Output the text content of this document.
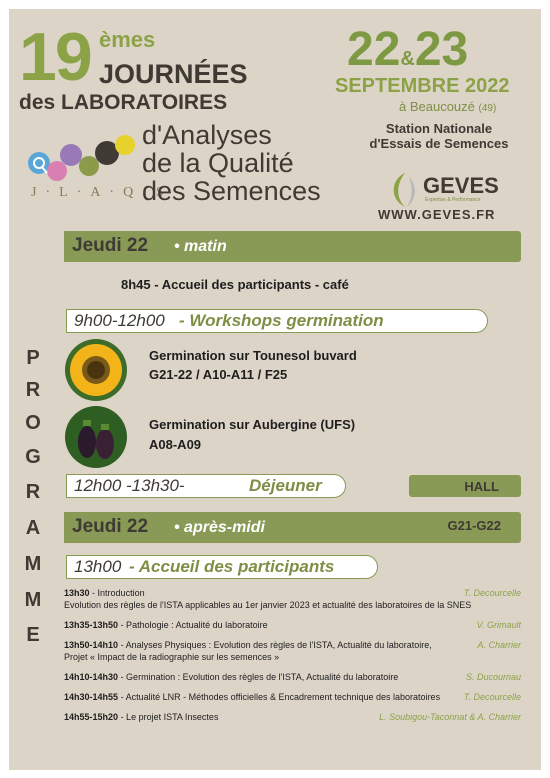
19 èmes
JOURNÉES
des LABORATOIRES
J·L·A·Q·S
d'Analyses
de la Qualité
des Semences
22&23
SEPTEMBRE 2022
à Beaucouzé (49)
Station Nationale
d'Essais de Semences
GEVES
Expertise & Performance
WWW.GEVES.FR
P
R
O
G
R
A
M
M
E
Jeudi 22 • matin
8h45 - Accueil des participants - café
9h00-12h00 - Workshops germination
Germination sur Tounesol buvard
G21-22 / A10-A11 / F25
Germination sur Aubergine (UFS)
A08-A09
12h00 -13h30-	Déjeuner	HALL
Jeudi 22 • après-midi	G21-G22
13h00 - Accueil des participants
13h30 - Introduction	T. Decourcelle
Evolution des règles de l'ISTA applicables au 1er janvier 2023 et actualité des laboratoires de la SNES
13h35-13h50 - Pathologie : Actualité du laboratoire	V. Grimault
13h50-14h10 - Analyses Physiques : Evolution des règles de l'ISTA, Actualité du laboratoire,	A. Charrier
Projet « Impact de la radiographie sur les semences »
14h10-14h30 - Germination : Evolution des règles de l'ISTA, Actualité du laboratoire	S. Ducournau
14h30-14h55 - Actualité LNR - Méthodes officielles & Encadrement technique des laboratoires	T. Decourcelle
14h55-15h20 - Le projet ISTA Insectes	L. Soubigou-Taconnat & A. Charrier
